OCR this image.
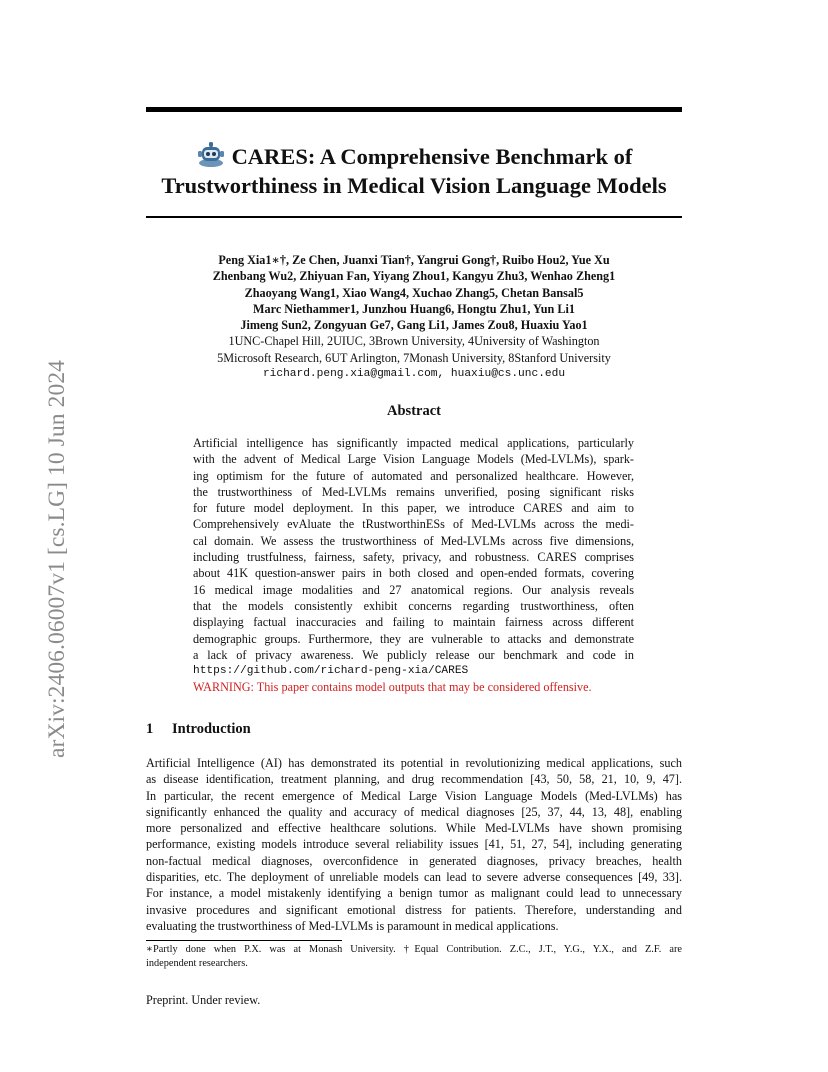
arXiv:2406.06007v1 [cs.LG] 10 Jun 2024
CARES: A Comprehensive Benchmark of
Trustworthiness in Medical Vision Language Models
Peng Xia1∗†, Ze Chen, Juanxi Tian†, Yangrui Gong†, Ruibo Hou2, Yue Xu
Zhenbang Wu2, Zhiyuan Fan, Yiyang Zhou1, Kangyu Zhu3, Wenhao Zheng1
Zhaoyang Wang1, Xiao Wang4, Xuchao Zhang5, Chetan Bansal5
Marc Niethammer1, Junzhou Huang6, Hongtu Zhu1, Yun Li1
Jimeng Sun2, Zongyuan Ge7, Gang Li1, James Zou8, Huaxiu Yao1
1UNC-Chapel Hill, 2UIUC, 3Brown University, 4University of Washington
5Microsoft Research, 6UT Arlington, 7Monash University, 8Stanford University
richard.peng.xia@gmail.com, huaxiu@cs.unc.edu
Abstract
Artificial intelligence has significantly impacted medical applications, particularly
with the advent of Medical Large Vision Language Models (Med-LVLMs), spark-
ing optimism for the future of automated and personalized healthcare. However,
the trustworthiness of Med-LVLMs remains unverified, posing significant risks
for future model deployment. In this paper, we introduce CARES and aim to
Comprehensively evAluate the tRustworthinESs of Med-LVLMs across the medi-
cal domain. We assess the trustworthiness of Med-LVLMs across five dimensions,
including trustfulness, fairness, safety, privacy, and robustness. CARES comprises
about 41K question-answer pairs in both closed and open-ended formats, covering
16 medical image modalities and 27 anatomical regions. Our analysis reveals
that the models consistently exhibit concerns regarding trustworthiness, often
displaying factual inaccuracies and failing to maintain fairness across different
demographic groups. Furthermore, they are vulnerable to attacks and demonstrate
a lack of privacy awareness. We publicly release our benchmark and code in
https://github.com/richard-peng-xia/CARES
WARNING: This paper contains model outputs that may be considered offensive.
1 Introduction
Artificial Intelligence (AI) has demonstrated its potential in revolutionizing medical applications, such
as disease identification, treatment planning, and drug recommendation [43, 50, 58, 21, 10, 9, 47].
In particular, the recent emergence of Medical Large Vision Language Models (Med-LVLMs) has
significantly enhanced the quality and accuracy of medical diagnoses [25, 37, 44, 13, 48], enabling
more personalized and effective healthcare solutions. While Med-LVLMs have shown promising
performance, existing models introduce several reliability issues [41, 51, 27, 54], including generating
non-factual medical diagnoses, overconfidence in generated diagnoses, privacy breaches, health
disparities, etc. The deployment of unreliable models can lead to severe adverse consequences [49, 33].
For instance, a model mistakenly identifying a benign tumor as malignant could lead to unnecessary
invasive procedures and significant emotional distress for patients. Therefore, understanding and
evaluating the trustworthiness of Med-LVLMs is paramount in medical applications.
∗Partly done when P.X. was at Monash University. †Equal Contribution. Z.C., J.T., Y.G., Y.X., and Z.F. are
independent researchers.
Preprint. Under review.
